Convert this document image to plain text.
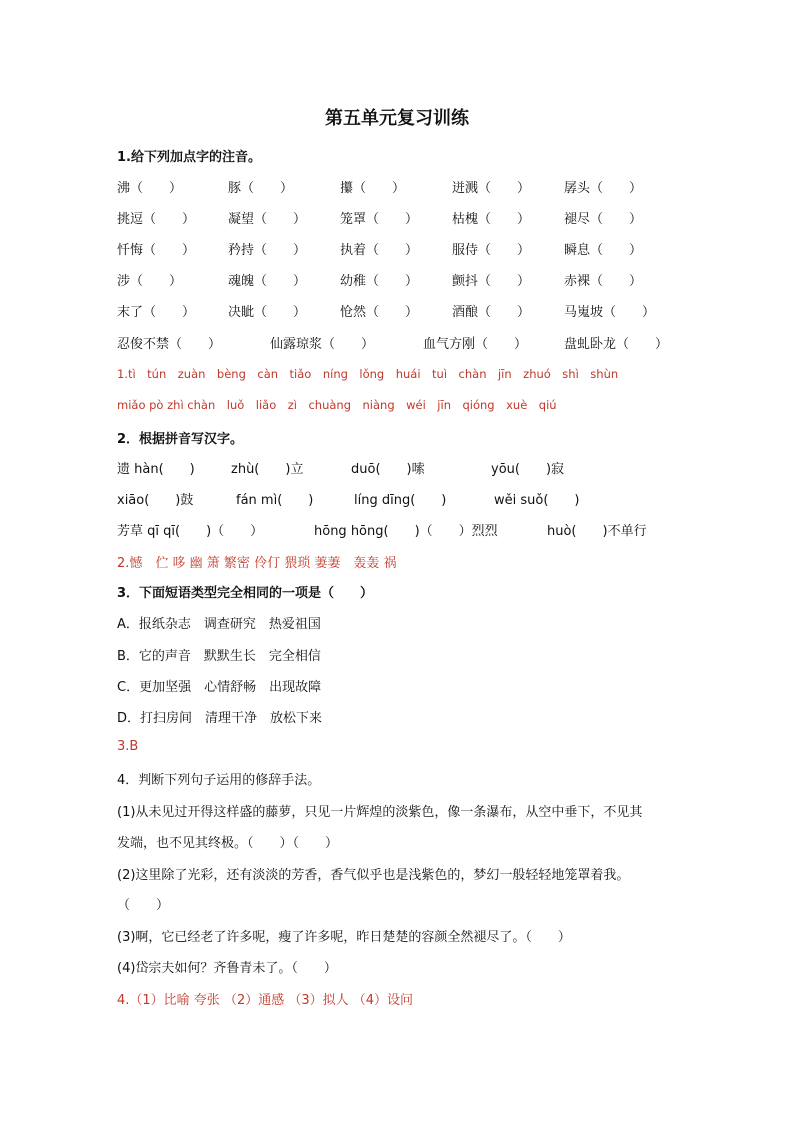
第五单元复习训练
1.给下列加点字的注音。
沸（　　）	豚（　　）	攥（　　）	迸溅（　　）	孱头（　　）
挑逗（　　）	凝望（　　）	笼罩（　　）	枯槐（　　）	褪尽（　　）
忏悔（　　）	矜持（　　）	执着（　　）	服侍（　　）	瞬息（　　）
涉（　　）	魂魄（　　）	幼稚（　　）	颤抖（　　）	赤裸（　　）
末了（　　）	决眦（　　）	怆然（　　）	酒酿（　　）	马嵬坡（　　）
忍俊不禁（　　）	仙露琼浆（　　）	血气方刚（　　）	盘虬卧龙（　　）
1.tì　tún　zuàn　bèng　càn　tiǎo　níng　lǒng　huái　tuì　chàn　jīn　zhuó　shì　shùn
miǎo pò zhì chàn　luǒ　liǎo　zì　chuàng　niàng　wéi　jīn　qióng　xuè　qiú
2．根据拼音写汉字。
遗 hàn(　　)	zhù(　　)立	duō(　　)嗦	yōu(　　)寂
xiāo(　　)鼓	fán mì(　　)	líng dīng(　　)	wěi suǒ(　　)
芳草 qī qī(　　)（　　）	hōng hōng(　　)（　　）烈烈	huò(　　)不单行
2.憾　伫 哆 幽 箫 繁密 伶仃 猥琐 萋萋　轰轰 祸
3．下面短语类型完全相同的一项是（　　）
A．报纸杂志　调查研究　热爱祖国
B．它的声音　默默生长　完全相信
C．更加坚强　心情舒畅　出现故障
D．打扫房间　清理干净　放松下来
3.B
4．判断下列句子运用的修辞手法。
(1)从未见过开得这样盛的藤萝，只见一片辉煌的淡紫色，像一条瀑布，从空中垂下，不见其
发端，也不见其终极。（　　）（　　）
(2)这里除了光彩，还有淡淡的芳香，香气似乎也是浅紫色的，梦幻一般轻轻地笼罩着我。
（　　）
(3)啊，它已经老了许多呢，瘦了许多呢，昨日楚楚的容颜全然褪尽了。（　　）
(4)岱宗夫如何？齐鲁青未了。（　　）
4.（1）比喻 夸张 （2）通感 （3）拟人 （4）设问
